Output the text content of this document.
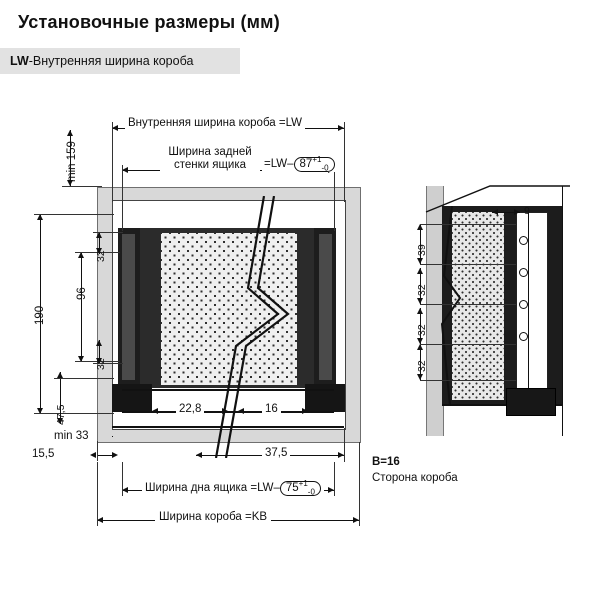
Установочные размеры (мм)
LW-Внутренняя ширина короба
Внутренняя ширина короба =LW
Ширина задней
стенки ящика	=LW– $87^{+1}_{-0}$
min 159
190
96
32
32
47,5
min 33
15,5
22,8	16
37,5
Ширина дна ящика =LW– $75^{+1}_{-0}$
Ширина короба =KB
B=16
Сторона короба
9
39
32
32
32
